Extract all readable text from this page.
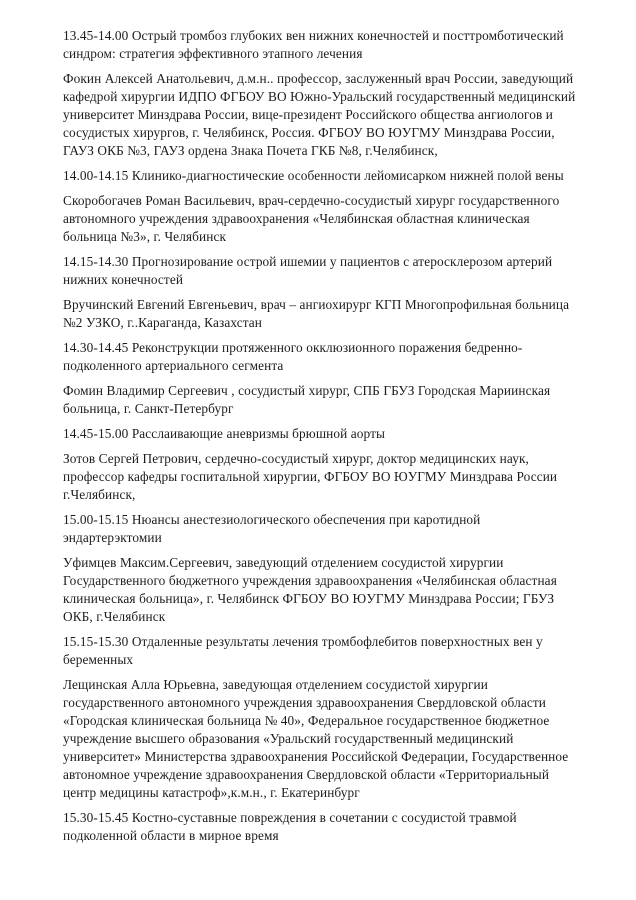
13.45-14.00 Острый тромбоз глубоких вен нижних конечностей и посттромботический синдром: стратегия эффективного этапного лечения

Фокин Алексей Анатольевич, д.м.н.. профессор, заслуженный врач России, заведующий кафедрой хирургии ИДПО ФГБОУ ВО Южно-Уральский государственный медицинский университет Минздрава России, вице-президент Российского общества ангиологов и сосудистых хирургов, г. Челябинск, Россия. ФГБОУ ВО ЮУГМУ Минздрава России, ГАУЗ ОКБ №3, ГАУЗ ордена Знака Почета ГКБ №8, г.Челябинск,

14.00-14.15 Клинико-диагностические особенности лейомисарком нижней полой вены

Скоробогачев Роман Васильевич, врач-сердечно-сосудистый хирург государственного автономного учреждения здравоохранения «Челябинская областная клиническая больница №3», г. Челябинск

14.15-14.30 Прогнозирование острой ишемии у пациентов с атеросклерозом артерий нижних конечностей

Вручинский Евгений Евгеньевич, врач – ангиохирург КГП Многопрофильная больница №2 УЗКО, г..Караганда, Казахстан

14.30-14.45 Реконструкции протяженного окклюзионного поражения бедренно-подколенного артериального сегмента

Фомин Владимир Сергеевич , сосудистый хирург, СПБ ГБУЗ Городская Мариинская больница, г. Санкт-Петербург

14.45-15.00 Расслаивающие аневризмы брюшной аорты

Зотов Сергей Петрович, сердечно-сосудистый хирург, доктор медицинских наук, профессор кафедры госпитальной хирургии, ФГБОУ ВО ЮУГМУ Минздрава России г.Челябинск,

15.00-15.15 Нюансы анестезиологического обеспечения при каротидной эндартерэктомии

Уфимцев Максим.Сергеевич, заведующий отделением сосудистой хирургии Государственного бюджетного учреждения здравоохранения «Челябинская областная клиническая больница», г. Челябинск ФГБОУ ВО ЮУГМУ Минздрава России; ГБУЗ ОКБ, г.Челябинск

15.15-15.30 Отдаленные результаты лечения тромбофлебитов поверхностных вен у беременных

Лещинская Алла Юрьевна, заведующая отделением сосудистой хирургии государственного автономного учреждения здравоохранения Свердловской области «Городская клиническая больница № 40», Федеральное государственное бюджетное учреждение высшего образования «Уральский государственный медицинский университет» Министерства здравоохранения Российской Федерации, Государственное автономное учреждение здравоохранения Свердловской области «Территориальный центр медицины катастроф»,к.м.н., г. Екатеринбург

15.30-15.45 Костно-суставные повреждения в сочетании с сосудистой травмой подколенной области в мирное время
